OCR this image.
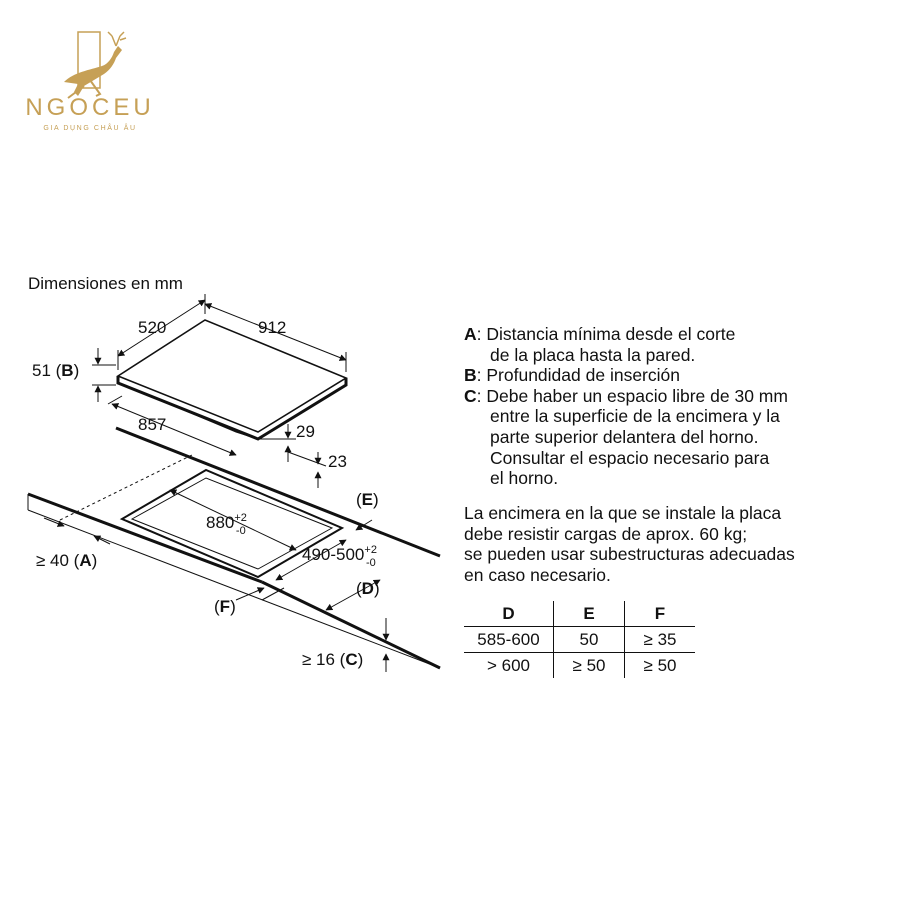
NGOCEU
GIA DỤNG CHÂU ÂU
Dimensiones en mm
520	912
51 (B)
857	29
23
$880^{+2}$ -0
$490-500^{+2}$ -0
(E)
≥ 40 (A)
(D)
(F)
≥ 16 (C)
A : Distancia mínima desde el corte
de la placa hasta la pared.
B : Profundidad de inserción
C : Debe haber un espacio libre de 30 mm
entre la superficie de la encimera y la
parte superior delantera del horno.
Consultar el espacio necesario para
el horno.
La encimera en la que se instale la placa
debe resistir cargas de aprox. 60 kg;
se pueden usar subestructuras adecuadas
en caso necesario.
D	E	F
585-600	50	≥ 35
> 600	≥ 50	≥ 50
